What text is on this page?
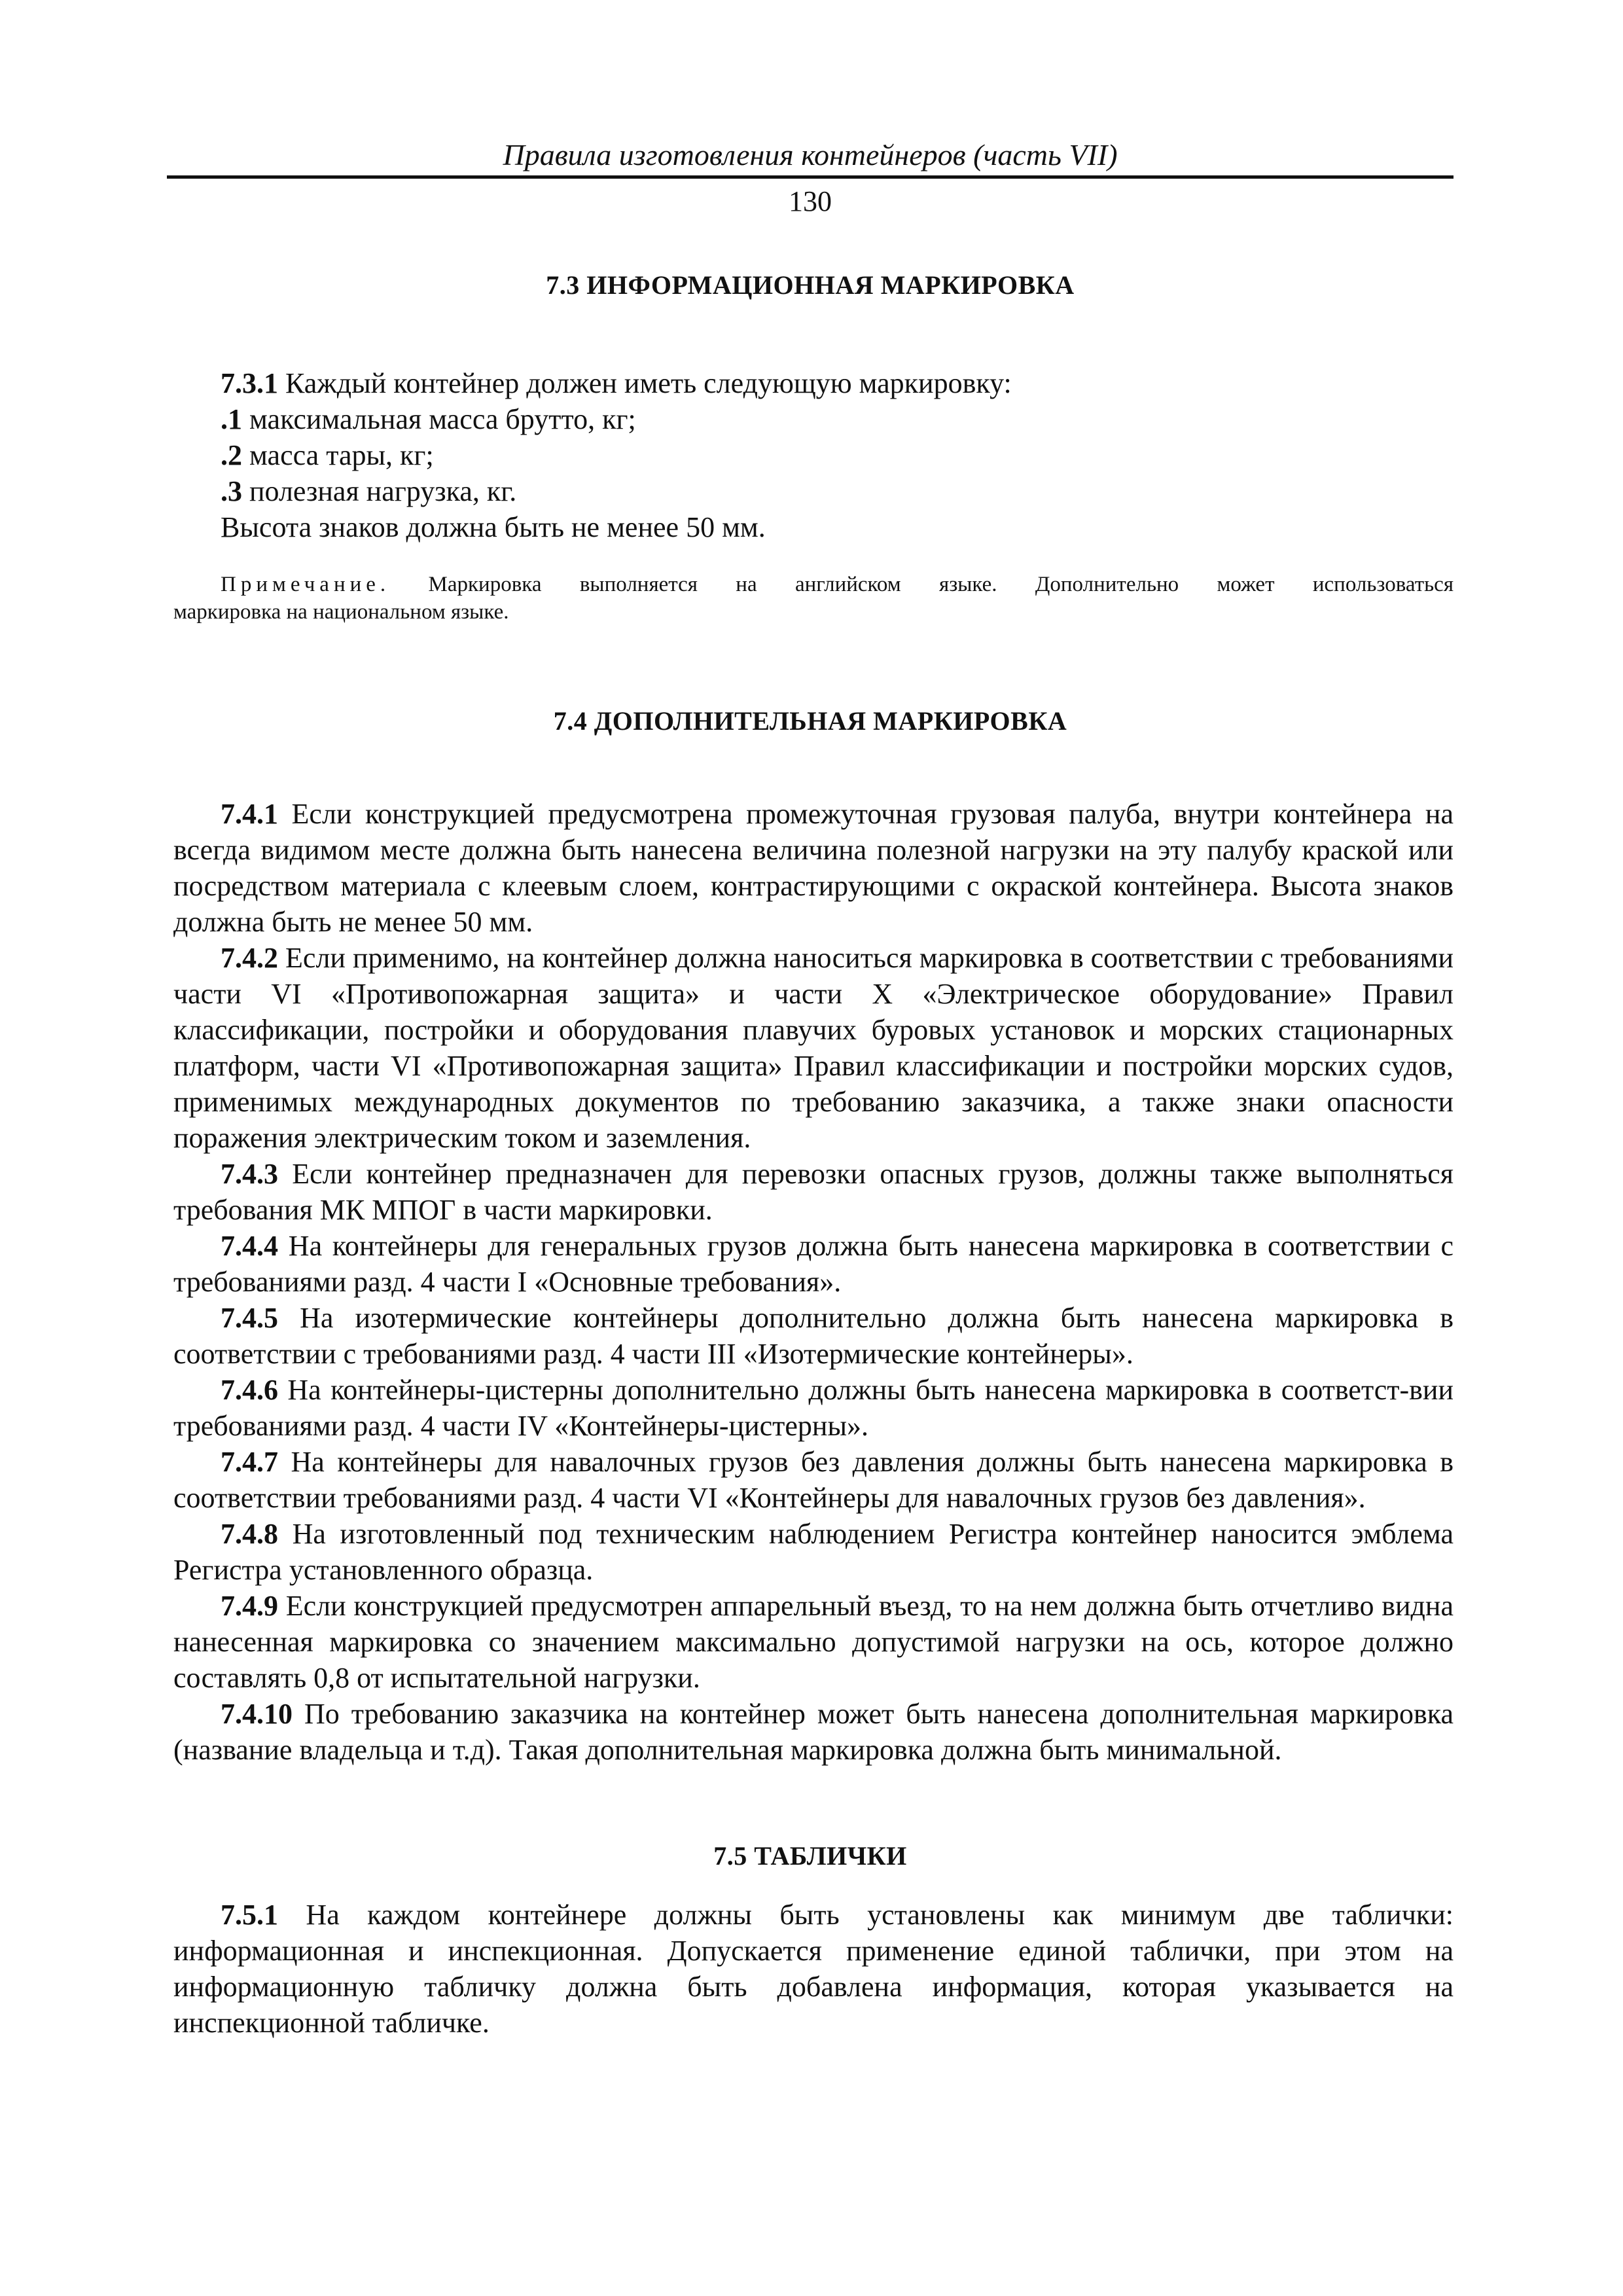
Правила изготовления контейнеров (часть VII)
130
7.3 ИНФОРМАЦИОННАЯ МАРКИРОВКА
7.3.1 Каждый контейнер должен иметь следующую маркировку:
.1 максимальная масса брутто, кг;
.2 масса тары, кг;
.3 полезная нагрузка, кг.
Высота знаков должна быть не менее 50 мм.
Примечание. Маркировка выполняется на английском языке. Дополнительно может использоваться
маркировка на национальном языке.
7.4 ДОПОЛНИТЕЛЬНАЯ МАРКИРОВКА

7.4.1 Если конструкцией предусмотрена промежуточная грузовая палуба, внутри контейнера на всегда видимом месте должна быть нанесена величина полезной нагрузки на эту палубу краской или посредством материала с клеевым слоем, контрастирующими с окраской контейнера. Высота знаков должна быть не менее 50 мм.

7.4.2 Если применимо, на контейнер должна наноситься маркировка в соответствии с требованиями части VI «Противопожарная защита» и части X «Электрическое оборудование» Правил классификации, постройки и оборудования плавучих буровых установок и морских стационарных платформ, части VI «Противопожарная защита» Правил классификации и постройки морских судов, применимых международных документов по требованию заказчика, а также знаки опасности поражения электрическим током и заземления.

7.4.3 Если контейнер предназначен для перевозки опасных грузов, должны также выполняться требования МК МПОГ в части маркировки.

7.4.4 На контейнеры для генеральных грузов должна быть нанесена маркировка в соответствии с требованиями разд. 4 части I «Основные требования».

7.4.5 На изотермические контейнеры дополнительно должна быть нанесена маркировка в соответствии с требованиями разд. 4 части III «Изотермические контейнеры».

7.4.6 На контейнеры-цистерны дополнительно должны быть нанесена маркировка в соответст-вии требованиями разд. 4 части IV «Контейнеры-цистерны».

7.4.7 На контейнеры для навалочных грузов без давления должны быть нанесена маркировка в соответствии требованиями разд. 4 части VI «Контейнеры для навалочных грузов без давления».

7.4.8 На изготовленный под техническим наблюдением Регистра контейнер наносится эмблема Регистра установленного образца.

7.4.9 Если конструкцией предусмотрен аппарельный въезд, то на нем должна быть отчетливо видна нанесенная маркировка со значением максимально допустимой нагрузки на ось, которое должно составлять 0,8 от испытательной нагрузки.

7.4.10 По требованию заказчика на контейнер может быть нанесена дополнительная маркировка (название владельца и т.д). Такая дополнительная маркировка должна быть минимальной.

7.5 ТАБЛИЧКИ

7.5.1 На каждом контейнере должны быть установлены как минимум две таблички: информационная и инспекционная. Допускается применение единой таблички, при этом на информационную табличку должна быть добавлена информация, которая указывается на инспекционной табличке.
